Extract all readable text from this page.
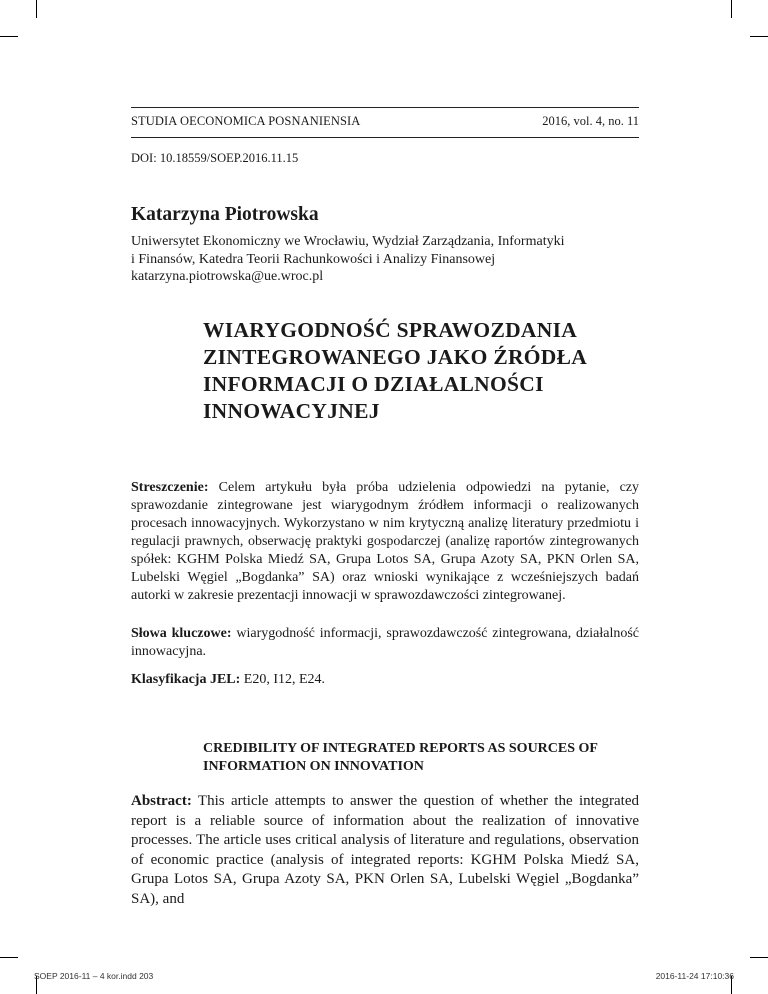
STUDIA OECONOMICA POSNANIENSIA	2016, vol. 4, no. 11
DOI: 10.18559/SOEP.2016.11.15
Katarzyna Piotrowska
Uniwersytet Ekonomiczny we Wrocławiu, Wydział Zarządzania, Informatyki
i Finansów, Katedra Teorii Rachunkowości i Analizy Finansowej
katarzyna.piotrowska@ue.wroc.pl
WIARYGODNOŚĆ SPRAWOZDANIA
ZINTEGROWANEGO JAKO ŹRÓDŁA
INFORMACJI O DZIAŁALNOŚCI
INNOWACYJNEJ
Streszczenie: Celem artykułu była próba udzielenia odpowiedzi na pytanie, czy sprawozdanie zintegrowane jest wiarygodnym źródłem informacji o realizowanych procesach innowacyjnych. Wykorzystano w nim krytyczną analizę literatury przedmiotu i regulacji prawnych, obserwację praktyki gospodarczej (analizę raportów zintegrowanych spółek: KGHM Polska Miedź SA, Grupa Lotos SA, Grupa Azoty SA, PKN Orlen SA, Lubelski Węgiel „Bogdanka” SA) oraz wnioski wynikające z wcześniejszych badań autorki w zakresie prezentacji innowacji w sprawozdawczości zintegrowanej.
Słowa kluczowe: wiarygodność informacji, sprawozdawczość zintegrowana, działalność innowacyjna.
Klasyfikacja JEL: E20, I12, E24.
CREDIBILITY OF INTEGRATED REPORTS AS SOURCES OF
INFORMATION ON INNOVATION
Abstract: This article attempts to answer the question of whether the integrated report is a reliable source of information about the realization of innovative processes. The article uses critical analysis of literature and regulations, observation of economic practice (analysis of integrated reports: KGHM Polska Miedź SA, Grupa Lotos SA, Grupa Azoty SA, PKN Orlen SA, Lubelski Węgiel „Bogdanka” SA), and
SOEP 2016-11 – 4 kor.indd 203	2016-11-24 17:10:36
